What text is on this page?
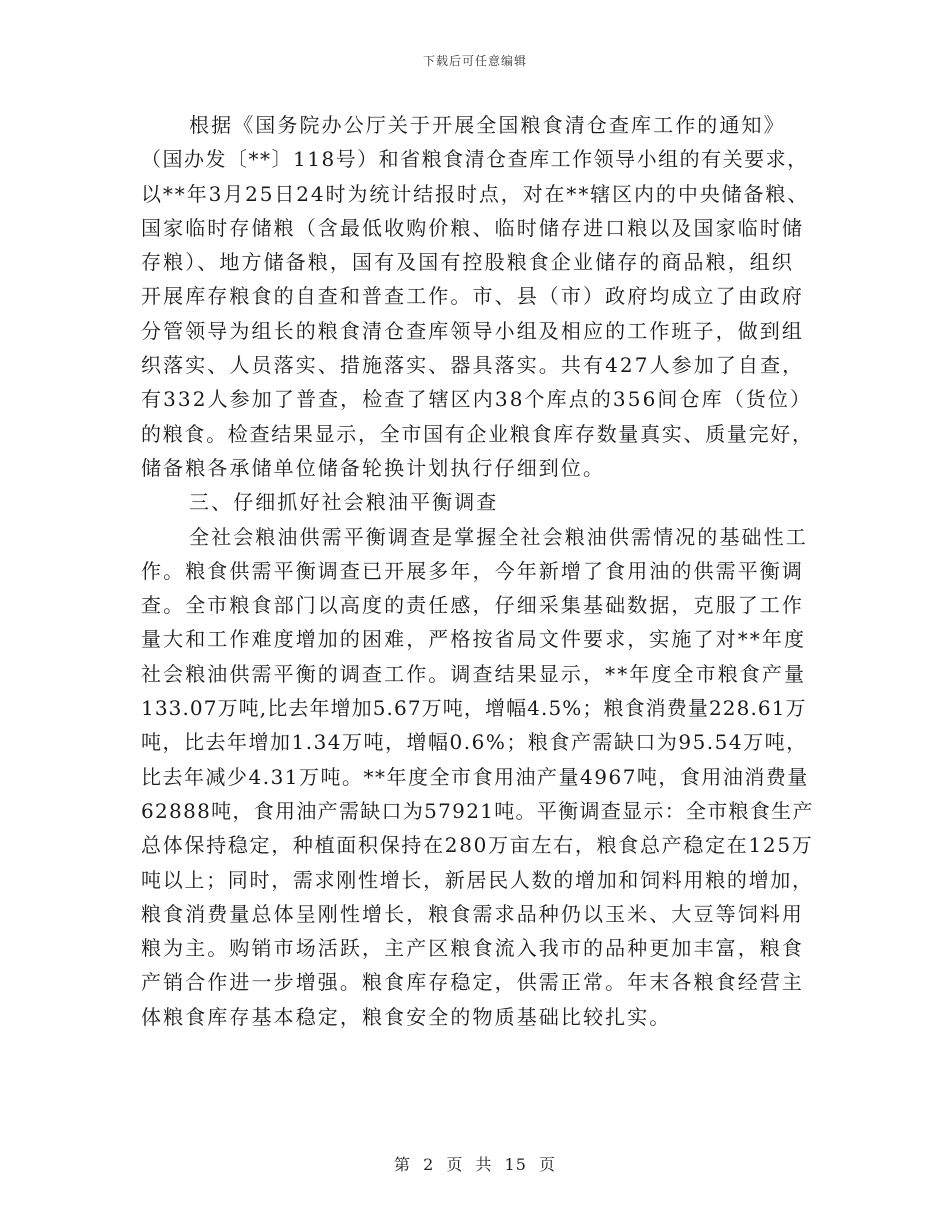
下载后可任意编辑
根据《国务院办公厅关于开展全国粮食清仓查库工作的通知》
（国办发〔**〕118号）和省粮食清仓查库工作领导小组的有关要求，
以**年3月25日24时为统计结报时点，对在**辖区内的中央储备粮、
国家临时存储粮（含最低收购价粮、临时储存进口粮以及国家临时储
存粮）、地方储备粮，国有及国有控股粮食企业储存的商品粮，组织
开展库存粮食的自查和普查工作。市、县（市）政府均成立了由政府
分管领导为组长的粮食清仓查库领导小组及相应的工作班子，做到组
织落实、人员落实、措施落实、器具落实。共有427人参加了自查，
有332人参加了普查，检查了辖区内38个库点的356间仓库（货位）
的粮食。检查结果显示，全市国有企业粮食库存数量真实、质量完好，
储备粮各承储单位储备轮换计划执行仔细到位。
三、仔细抓好社会粮油平衡调查
全社会粮油供需平衡调查是掌握全社会粮油供需情况的基础性工
作。粮食供需平衡调查已开展多年，今年新增了食用油的供需平衡调
查。全市粮食部门以高度的责任感，仔细采集基础数据，克服了工作
量大和工作难度增加的困难，严格按省局文件要求，实施了对**年度
社会粮油供需平衡的调查工作。调查结果显示，**年度全市粮食产量
133.07万吨,比去年增加5.67万吨，增幅4.5%；粮食消费量228.61万
吨，比去年增加1.34万吨，增幅0.6%；粮食产需缺口为95.54万吨，
比去年减少4.31万吨。**年度全市食用油产量4967吨，食用油消费量
62888吨，食用油产需缺口为57921吨。平衡调查显示：全市粮食生产
总体保持稳定，种植面积保持在280万亩左右，粮食总产稳定在125万
吨以上；同时，需求刚性增长，新居民人数的增加和饲料用粮的增加，
粮食消费量总体呈刚性增长，粮食需求品种仍以玉米、大豆等饲料用
粮为主。购销市场活跃，主产区粮食流入我市的品种更加丰富，粮食
产销合作进一步增强。粮食库存稳定，供需正常。年末各粮食经营主
体粮食库存基本稳定，粮食安全的物质基础比较扎实。
第 2 页 共 15 页
